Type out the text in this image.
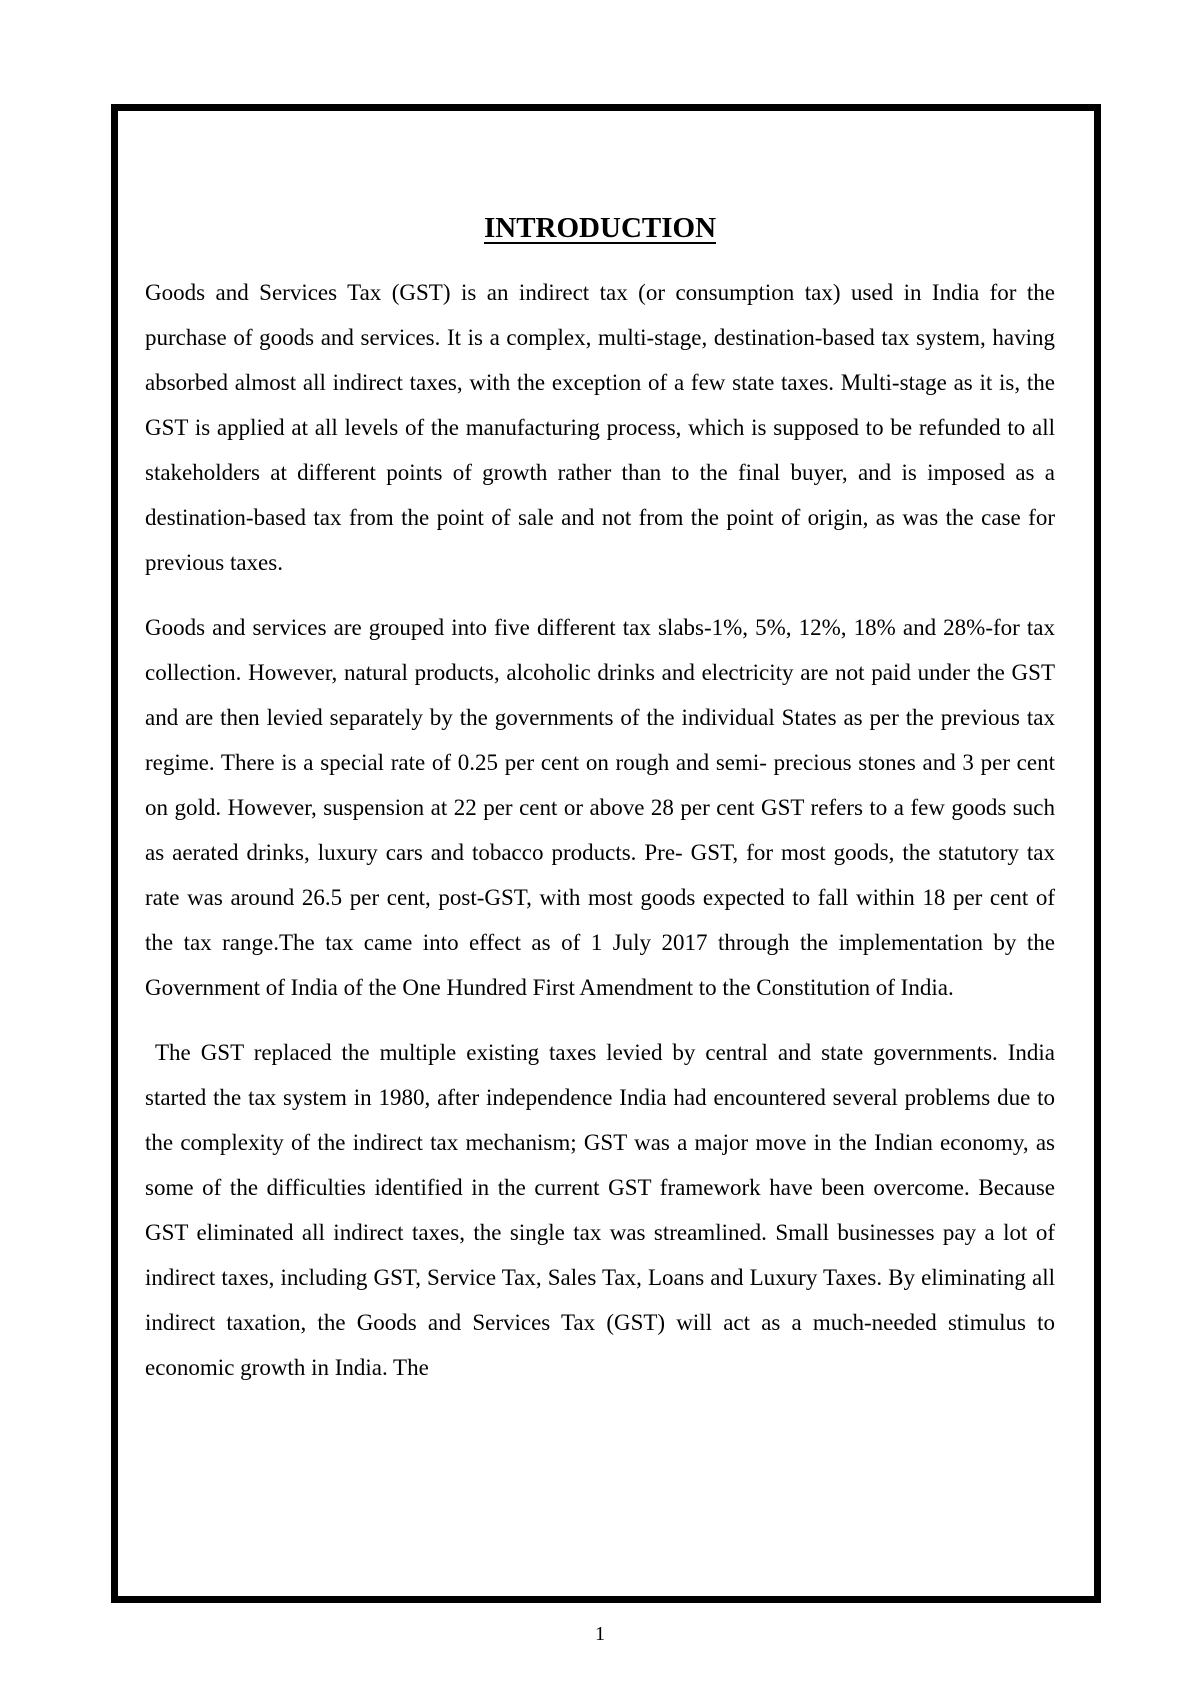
INTRODUCTION

Goods and Services Tax (GST) is an indirect tax (or consumption tax) used in India for the purchase of goods and services. It is a complex, multi-stage, destination-based tax system, having absorbed almost all indirect taxes, with the exception of a few state taxes. Multi-stage as it is, the GST is applied at all levels of the manufacturing process, which is supposed to be refunded to all stakeholders at different points of growth rather than to the final buyer, and is imposed as a destination-based tax from the point of sale and not from the point of origin, as was the case for previous taxes.

Goods and services are grouped into five different tax slabs-1%, 5%, 12%, 18% and 28%-for tax collection. However, natural products, alcoholic drinks and electricity are not paid under the GST and are then levied separately by the governments of the individual States as per the previous tax regime. There is a special rate of 0.25 per cent on rough and semi- precious stones and 3 per cent on gold. However, suspension at 22 per cent or above 28 per cent GST refers to a few goods such as aerated drinks, luxury cars and tobacco products. Pre- GST, for most goods, the statutory tax rate was around 26.5 per cent, post-GST, with most goods expected to fall within 18 per cent of the tax range.The tax came into effect as of 1 July 2017 through the implementation by the Government of India of the One Hundred First Amendment to the Constitution of India.

The GST replaced the multiple existing taxes levied by central and state governments. India started the tax system in 1980, after independence India had encountered several problems due to the complexity of the indirect tax mechanism; GST was a major move in the Indian economy, as some of the difficulties identified in the current GST framework have been overcome. Because GST eliminated all indirect taxes, the single tax was streamlined. Small businesses pay a lot of indirect taxes, including GST, Service Tax, Sales Tax, Loans and Luxury Taxes. By eliminating all indirect taxation, the Goods and Services Tax (GST) will act as a much-needed stimulus to economic growth in India. The

1
